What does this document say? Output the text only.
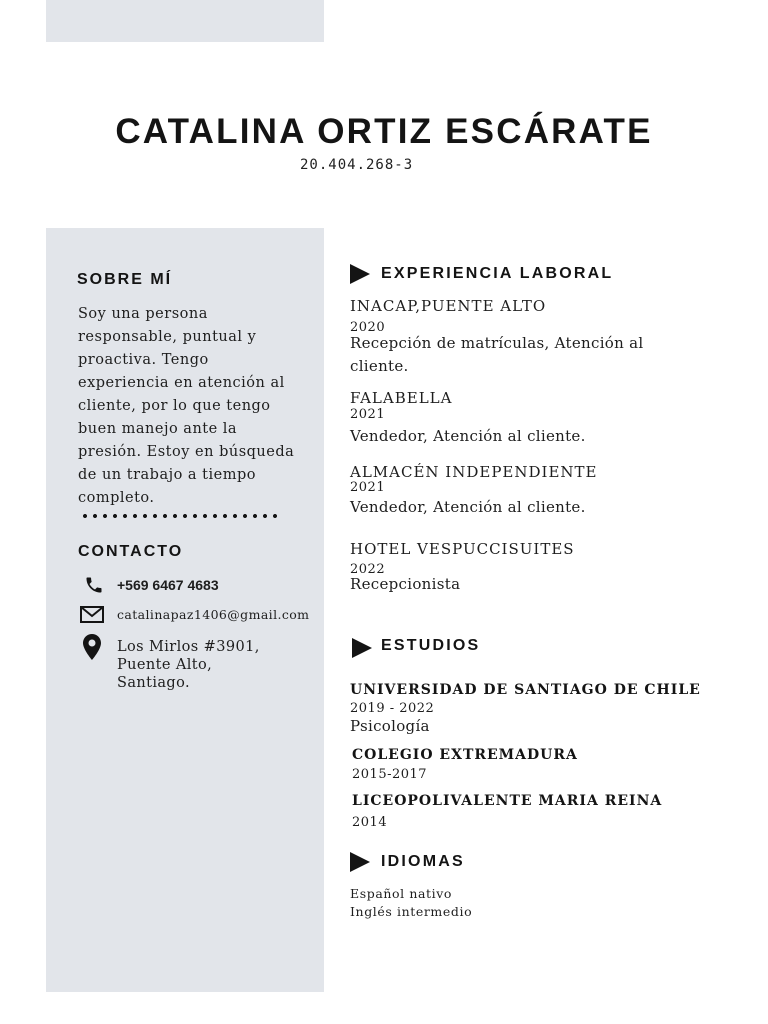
CATALINA ORTIZ ESCÁRATE
20.404.268-3
SOBRE MÍ

Soy una persona responsable, puntual y proactiva. Tengo experiencia en atención al cliente, por lo que tengo buen manejo ante la presión. Estoy en búsqueda de un trabajo a tiempo completo.

CONTACTO
+569 6467 4683
catalinapaz1406@gmail.com
Los Mirlos #3901,
Puente Alto,
Santiago.
EXPERIENCIA LABORAL
INACAP,PUENTE ALTO
2020
Recepción de matrículas, Atención al cliente.
FALABELLA
2021
Vendedor, Atención al cliente.
ALMACÉN INDEPENDIENTE
2021
Vendedor, Atención al cliente.
HOTEL VESPUCCISUITES
2022
Recepcionista
ESTUDIOS
UNIVERSIDAD DE SANTIAGO DE CHILE
2019 - 2022
Psicología
COLEGIO EXTREMADURA
2015-2017
LICEOPOLIVALENTE MARIA REINA
2014
IDIOMAS
Español nativo
Inglés intermedio
